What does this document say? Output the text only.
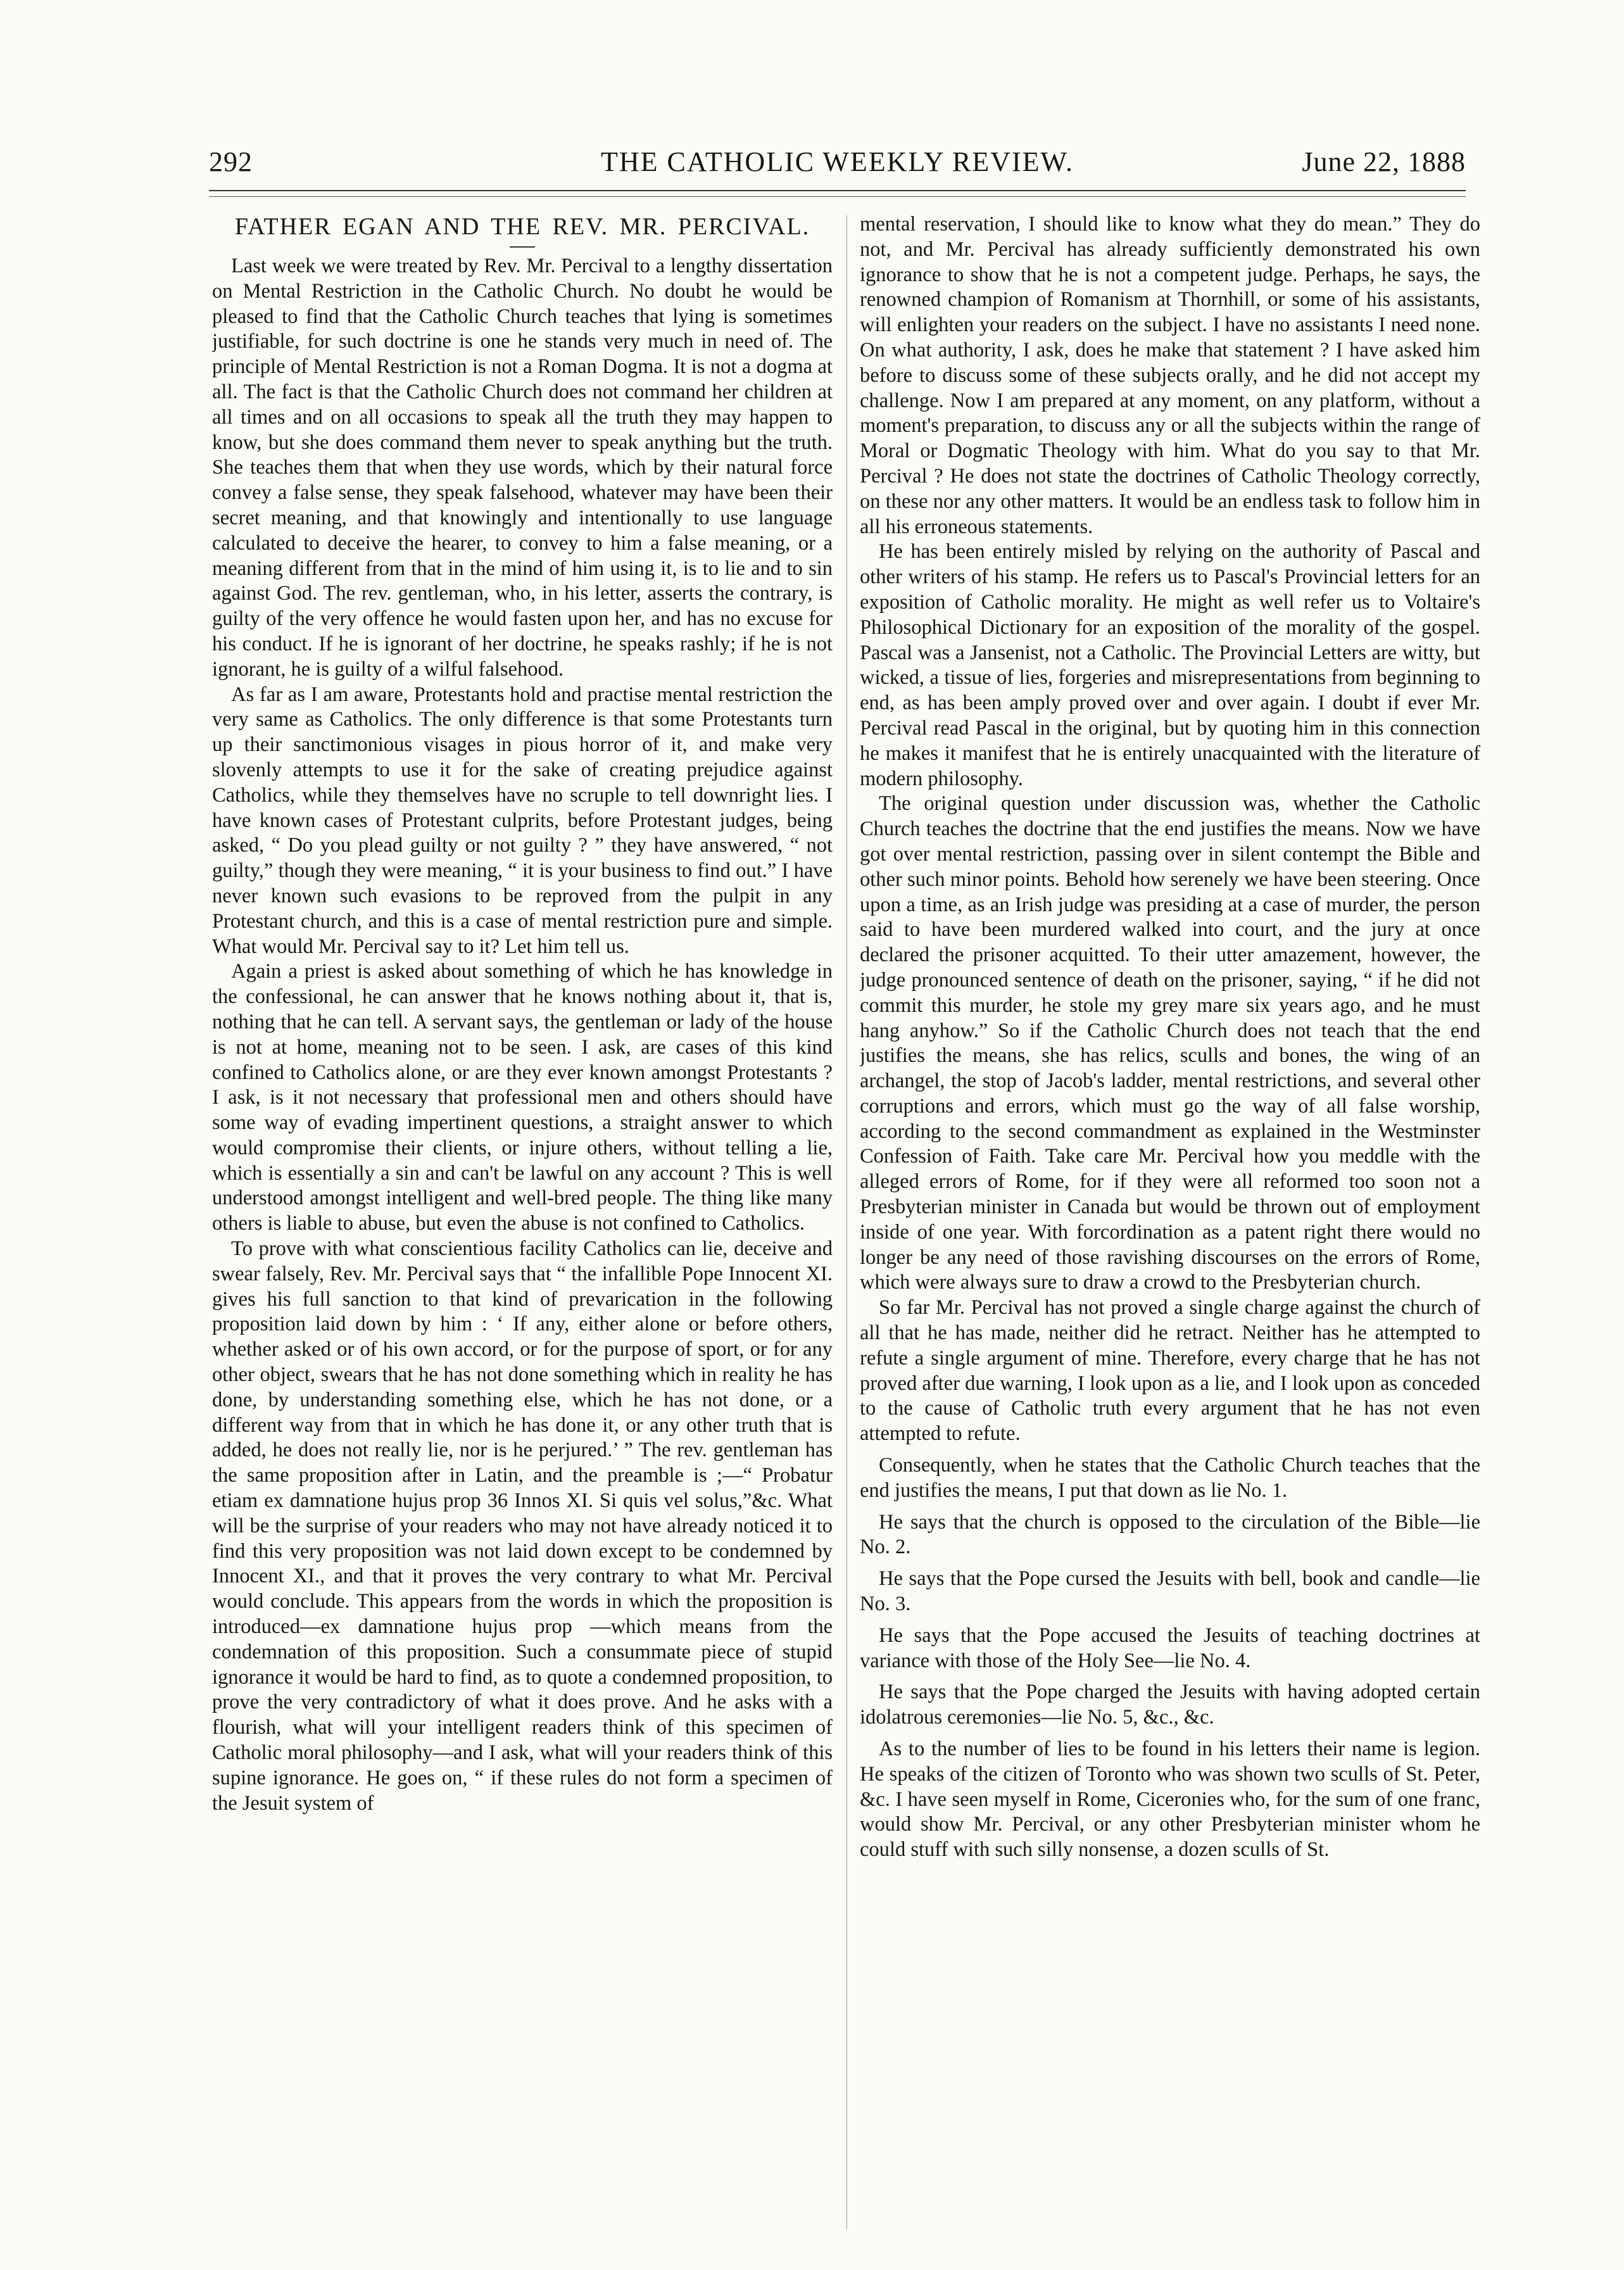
292	THE CATHOLIC WEEKLY REVIEW.	June 22, 1888
FATHER EGAN AND THE REV. MR. PERCIVAL.

Last week we were treated by Rev. Mr. Percival to a lengthy dissertation on Mental Restriction in the Catholic Church. No doubt he would be pleased to find that the Catholic Church teaches that lying is sometimes justifiable, for such doctrine is one he stands very much in need of. The principle of Mental Restriction is not a Roman Dogma. It is not a dogma at all. The fact is that the Catholic Church does not command her children at all times and on all occasions to speak all the truth they may happen to know, but she does command them never to speak anything but the truth. She teaches them that when they use words, which by their natural force convey a false sense, they speak falsehood, whatever may have been their secret meaning, and that knowingly and intentionally to use language calculated to deceive the hearer, to convey to him a false meaning, or a meaning different from that in the mind of him using it, is to lie and to sin against God. The rev. gentleman, who, in his letter, asserts the contrary, is guilty of the very offence he would fasten upon her, and has no excuse for his conduct. If he is ignorant of her doctrine, he speaks rashly; if he is not ignorant, he is guilty of a wilful falsehood.

As far as I am aware, Protestants hold and practise mental restriction the very same as Catholics. The only difference is that some Protestants turn up their sanctimonious visages in pious horror of it, and make very slovenly attempts to use it for the sake of creating prejudice against Catholics, while they themselves have no scruple to tell downright lies. I have known cases of Protestant culprits, before Protestant judges, being asked, “ Do you plead guilty or not guilty ? ” they have answered, “ not guilty,” though they were meaning, “ it is your business to find out.” I have never known such evasions to be reproved from the pulpit in any Protestant church, and this is a case of mental restriction pure and simple. What would Mr. Percival say to it? Let him tell us.

Again a priest is asked about something of which he has knowledge in the confessional, he can answer that he knows nothing about it, that is, nothing that he can tell. A servant says, the gentleman or lady of the house is not at home, meaning not to be seen. I ask, are cases of this kind confined to Catholics alone, or are they ever known amongst Protestants ? I ask, is it not necessary that professional men and others should have some way of evading impertinent questions, a straight answer to which would compromise their clients, or injure others, without telling a lie, which is essentially a sin and can't be lawful on any account ? This is well understood amongst intelligent and well-bred people. The thing like many others is liable to abuse, but even the abuse is not confined to Catholics.

To prove with what conscientious facility Catholics can lie, deceive and swear falsely, Rev. Mr. Percival says that “ the infallible Pope Innocent XI. gives his full sanction to that kind of prevarication in the following proposition laid down by him : ‘ If any, either alone or before others, whether asked or of his own accord, or for the purpose of sport, or for any other object, swears that he has not done something which in reality he has done, by understanding something else, which he has not done, or a different way from that in which he has done it, or any other truth that is added, he does not really lie, nor is he perjured.’ ” The rev. gentleman has the same proposition after in Latin, and the preamble is ;—“ Probatur etiam ex damnatione hujus prop 36 Innos XI. Si quis vel solus,”&c. What will be the surprise of your readers who may not have already noticed it to find this very proposition was not laid down except to be condemned by Innocent XI., and that it proves the very contrary to what Mr. Percival would conclude. This appears from the words in which the proposition is introduced—ex damnatione hujus prop —which means from the condemnation of this proposition. Such a consummate piece of stupid ignorance it would be hard to find, as to quote a condemned proposition, to prove the very contradictory of what it does prove. And he asks with a flourish, what will your intelligent readers think of this specimen of Catholic moral philosophy—and I ask, what will your readers think of this supine ignorance. He goes on, “ if these rules do not form a specimen of the Jesuit system of

mental reservation, I should like to know what they do mean.” They do not, and Mr. Percival has already sufficiently demonstrated his own ignorance to show that he is not a competent judge. Perhaps, he says, the renowned champion of Romanism at Thornhill, or some of his assistants, will enlighten your readers on the subject. I have no assistants I need none. On what authority, I ask, does he make that statement ? I have asked him before to discuss some of these subjects orally, and he did not accept my challenge. Now I am prepared at any moment, on any platform, without a moment's preparation, to discuss any or all the subjects within the range of Moral or Dogmatic Theology with him. What do you say to that Mr. Percival ? He does not state the doctrines of Catholic Theology correctly, on these nor any other matters. It would be an endless task to follow him in all his erroneous statements.

He has been entirely misled by relying on the authority of Pascal and other writers of his stamp. He refers us to Pascal's Provincial letters for an exposition of Catholic morality. He might as well refer us to Voltaire's Philosophical Dictionary for an exposition of the morality of the gospel. Pascal was a Jansenist, not a Catholic. The Provincial Letters are witty, but wicked, a tissue of lies, forgeries and misrepresentations from beginning to end, as has been amply proved over and over again. I doubt if ever Mr. Percival read Pascal in the original, but by quoting him in this connection he makes it manifest that he is entirely unacquainted with the literature of modern philosophy.

The original question under discussion was, whether the Catholic Church teaches the doctrine that the end justifies the means. Now we have got over mental restriction, passing over in silent contempt the Bible and other such minor points. Behold how serenely we have been steering. Once upon a time, as an Irish judge was presiding at a case of murder, the person said to have been murdered walked into court, and the jury at once declared the prisoner acquitted. To their utter amazement, however, the judge pronounced sentence of death on the prisoner, saying, “ if he did not commit this murder, he stole my grey mare six years ago, and he must hang anyhow.” So if the Catholic Church does not teach that the end justifies the means, she has relics, sculls and bones, the wing of an archangel, the stop of Jacob's ladder, mental restrictions, and several other corruptions and errors, which must go the way of all false worship, according to the second commandment as explained in the Westminster Confession of Faith. Take care Mr. Percival how you meddle with the alleged errors of Rome, for if they were all reformed too soon not a Presbyterian minister in Canada but would be thrown out of employment inside of one year. With forcordination as a patent right there would no longer be any need of those ravishing discourses on the errors of Rome, which were always sure to draw a crowd to the Presbyterian church.

So far Mr. Percival has not proved a single charge against the church of all that he has made, neither did he retract. Neither has he attempted to refute a single argument of mine. Therefore, every charge that he has not proved after due warning, I look upon as a lie, and I look upon as conceded to the cause of Catholic truth every argument that he has not even attempted to refute.

Consequently, when he states that the Catholic Church teaches that the end justifies the means, I put that down as lie No. 1.

He says that the church is opposed to the circulation of the Bible—lie No. 2.

He says that the Pope cursed the Jesuits with bell, book and candle—lie No. 3.

He says that the Pope accused the Jesuits of teaching doctrines at variance with those of the Holy See—lie No. 4.

He says that the Pope charged the Jesuits with having adopted certain idolatrous ceremonies—lie No. 5, &c., &c.

As to the number of lies to be found in his letters their name is legion. He speaks of the citizen of Toronto who was shown two sculls of St. Peter, &c. I have seen myself in Rome, Ciceronies who, for the sum of one franc, would show Mr. Percival, or any other Presbyterian minister whom he could stuff with such silly nonsense, a dozen sculls of St.
